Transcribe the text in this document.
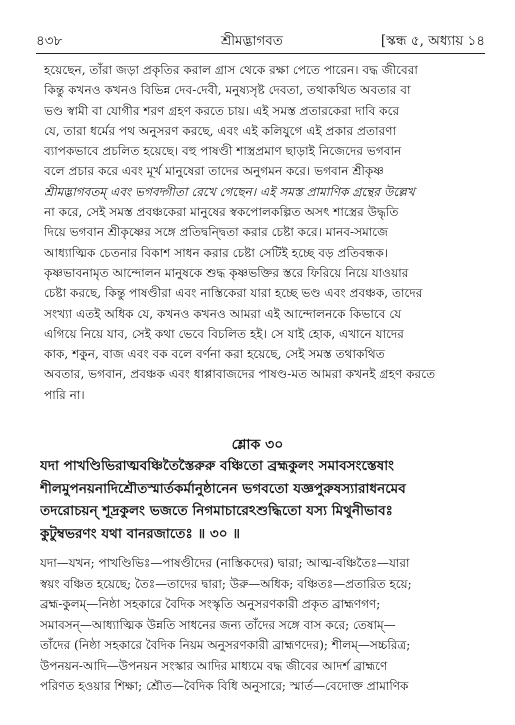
৪৩৮	শ্রীমদ্ভাগবত	[স্কন্ধ ৫, অধ্যায় ১৪
হয়েছেন, তাঁরা জড়া প্রকৃতির করাল গ্রাস থেকে রক্ষা পেতে পারেন। বদ্ধ জীবেরা
কিন্তু কখনও কখনও বিভিন্ন দেব-দেবী, মনুষ্যসৃষ্ট দেবতা, তথাকথিত অবতার বা
ভণ্ড স্বামী বা যোগীর শরণ গ্রহণ করতে চায়। এই সমস্ত প্রতারকেরা দাবি করে
যে, তারা ধর্মের পথ অনুসরণ করছে, এবং এই কলিযুগে এই প্রকার প্রতারণা
ব্যাপকভাবে প্রচলিত হয়েছে। বহু পাষণ্ডী শাস্ত্রপ্রমাণ ছাড়াই নিজেদের ভগবান
বলে প্রচার করে এবং মূর্খ মানুষেরা তাদের অনুগমন করে। ভগবান শ্রীকৃষ্ণ
শ্রীমদ্ভাগবতম্ এবং ভগবদ্গীতা রেখে গেছেন। এই সমস্ত প্রামাণিক গ্রন্থের উল্লেখ
না করে, সেই সমস্ত প্রবঞ্চকেরা মানুষের স্বকপোলকল্পিত অসৎ শাস্ত্রের উদ্ধৃতি
দিয়ে ভগবান শ্রীকৃষ্ণের সঙ্গে প্রতিদ্বন্দ্বিতা করার চেষ্টা করে। মানব-সমাজে
আধ্যাত্মিক চেতনার বিকাশ সাধন করার চেষ্টা সেটিই হচ্ছে বড় প্রতিবন্ধক।
কৃষ্ণভাবনামৃত আন্দোলন মানুষকে শুদ্ধ কৃষ্ণভক্তির স্তরে ফিরিয়ে নিয়ে যাওয়ার
চেষ্টা করছে, কিন্তু পাষণ্ডীরা এবং নাস্তিকেরা যারা হচ্ছে ভণ্ড এবং প্রবঞ্চক, তাদের
সংখ্যা এতই অধিক যে, কখনও কখনও আমরা এই আন্দোলনকে কিভাবে যে
এগিয়ে নিয়ে যাব, সেই কথা ভেবে বিচলিত হই। সে যাই হোক, এখানে যাদের
কাক, শকুন, বাজ এবং বক বলে বর্ণনা করা হয়েছে, সেই সমস্ত তথাকথিত
অবতার, ভগবান, প্রবঞ্চক এবং ধাপ্পাবাজদের পাষণ্ড-মত আমরা কখনই গ্রহণ করতে
পারি না।
শ্লোক ৩০
যদা পাখণ্ডিভিরাত্মবঞ্চিতৈস্তৈরুরু বঞ্চিতো ব্রহ্মকুলং সমাবসংস্তেষাং
শীলমুপনয়নাদিশ্রৌতস্মার্তকর্মানুষ্ঠানেন ভগবতো যজ্ঞপুরুষস্যারাধনমেব
তদরোচয়ন্ শূদ্রকুলং ভজতে নিগমাচারেঽশুদ্ধিতো যস্য মিথুনীভাবঃ
কুটুম্বভরণং যথা বানরজাতেঃ ॥ ৩০ ॥
যদা—যখন; পাখণ্ডিভিঃ—পাষণ্ডীদের (নাস্তিকদের) দ্বারা; আত্ম-বঞ্চিতৈঃ—যারা
স্বয়ং বঞ্চিত হয়েছে; তৈঃ—তাদের দ্বারা; উরু—অধিক; বঞ্চিতঃ—প্রতারিত হয়ে;
ব্রহ্ম-কুলম্—নিষ্ঠা সহকারে বৈদিক সংস্কৃতি অনুসরণকারী প্রকৃত ব্রাহ্মণগণ;
সমাবসন্—আধ্যাত্মিক উন্নতি সাধনের জন্য তাঁদের সঙ্গে বাস করে; তেষাম্—
তাঁদের (নিষ্ঠা সহকারে বৈদিক নিয়ম অনুসরণকারী ব্রাহ্মণদের); শীলম্—সচ্চরিত্র;
উপনয়ন-আদি—উপনয়ন সংস্কার আদির মাধ্যমে বদ্ধ জীবের আদর্শ ব্রাহ্মণে
পরিণত হওয়ার শিক্ষা; শ্রৌত—বৈদিক বিধি অনুসারে; স্মার্ত—বেদোক্ত প্রামাণিক
